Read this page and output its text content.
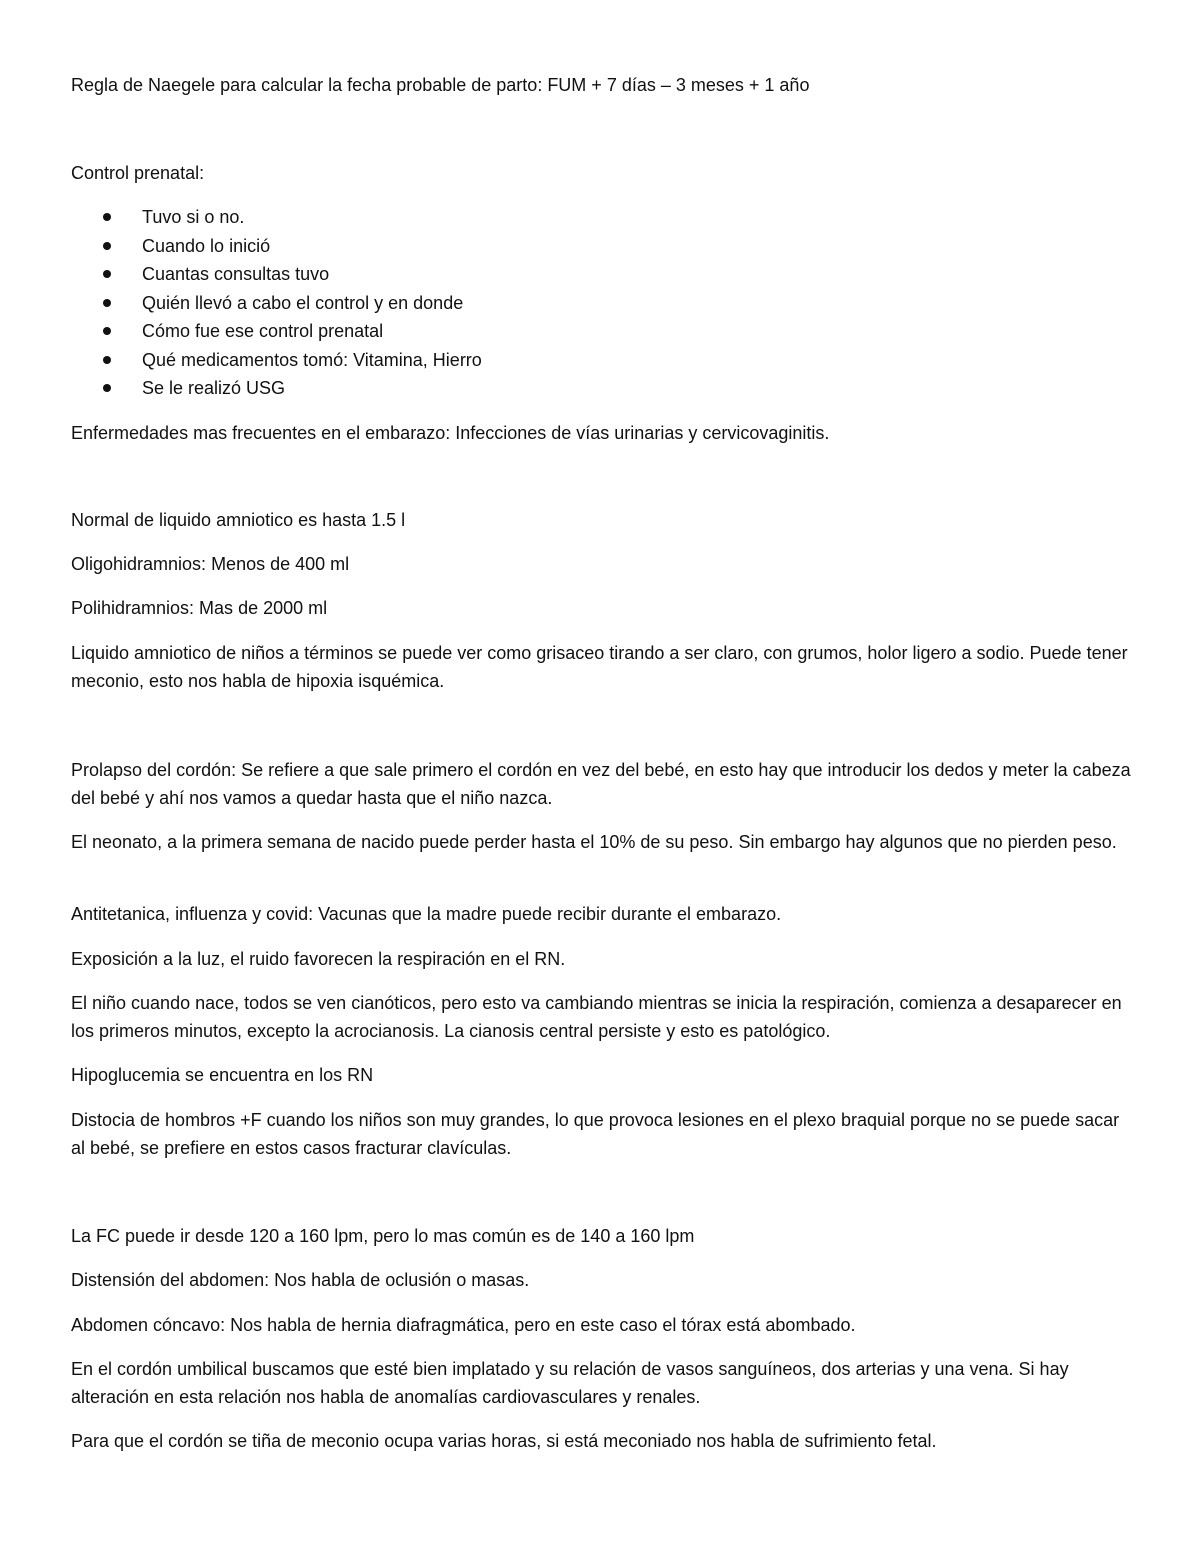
Regla de Naegele para calcular la fecha probable de parto: FUM + 7 días – 3 meses + 1 año

Control prenatal:

Tuvo si o no.
Cuando lo inició
Cuantas consultas tuvo
Quién llevó a cabo el control y en donde
Cómo fue ese control prenatal
Qué medicamentos tomó: Vitamina, Hierro
Se le realizó USG

Enfermedades mas frecuentes en el embarazo: Infecciones de vías urinarias y cervicovaginitis.

Normal de liquido amniotico es hasta 1.5 l

Oligohidramnios: Menos de 400 ml

Polihidramnios: Mas de 2000 ml

Liquido amniotico de niños a términos se puede ver como grisaceo tirando a ser claro, con grumos, holor ligero a sodio. Puede tener meconio, esto nos habla de hipoxia isquémica.

Prolapso del cordón: Se refiere a que sale primero el cordón en vez del bebé, en esto hay que introducir los dedos y meter la cabeza del bebé y ahí nos vamos a quedar hasta que el niño nazca.

El neonato, a la primera semana de nacido puede perder hasta el 10% de su peso. Sin embargo hay algunos que no pierden peso.

Antitetanica, influenza y covid: Vacunas que la madre puede recibir durante el embarazo.

Exposición a la luz, el ruido favorecen la respiración en el RN.

El niño cuando nace, todos se ven cianóticos, pero esto va cambiando mientras se inicia la respiración, comienza a desaparecer en los primeros minutos, excepto la acrocianosis. La cianosis central persiste y esto es patológico.

Hipoglucemia se encuentra en los RN

Distocia de hombros +F cuando los niños son muy grandes, lo que provoca lesiones en el plexo braquial porque no se puede sacar al bebé, se prefiere en estos casos fracturar clavículas.

La FC puede ir desde 120 a 160 lpm, pero lo mas común es de 140 a 160 lpm

Distensión del abdomen: Nos habla de oclusión o masas.

Abdomen cóncavo: Nos habla de hernia diafragmática, pero en este caso el tórax está abombado.

En el cordón umbilical buscamos que esté bien implatado y su relación de vasos sanguíneos, dos arterias y una vena. Si hay alteración en esta relación nos habla de anomalías cardiovasculares y renales.

Para que el cordón se tiña de meconio ocupa varias horas, si está meconiado nos habla de sufrimiento fetal.
